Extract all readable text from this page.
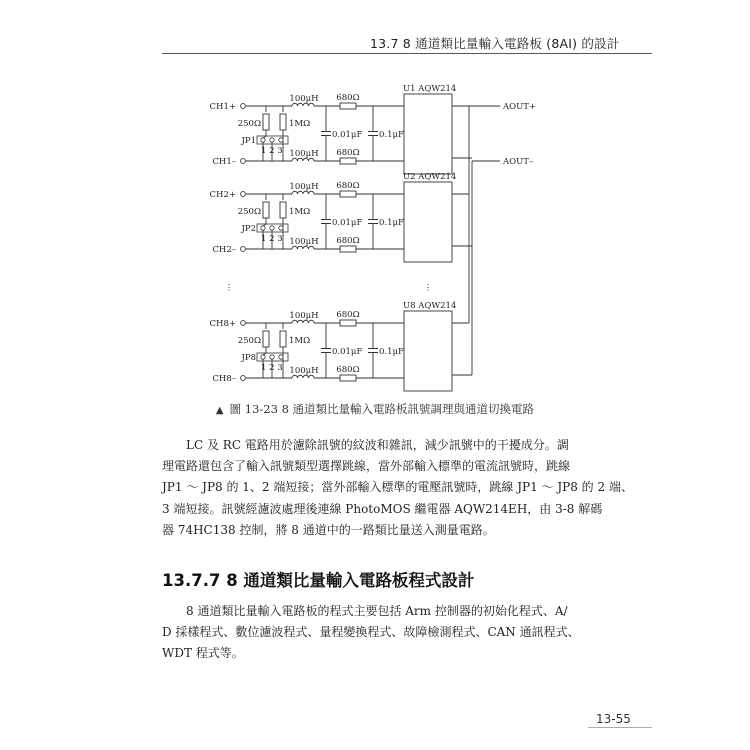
13.7 8 通道類比量輸入電路板 (8AI) 的設計
CH1+
CH1–
100μH 680Ω
100μH 680Ω
250Ω	1MΩ
JP1
1 2 3
0.01μF 0.1μF
U1 AQW214
CH2+
CH2–
100μH 680Ω
100μH 680Ω
250Ω	1MΩ
JP2
1 2 3
0.01μF 0.1μF
U2 AQW214
CH8+
CH8–
100μH 680Ω
100μH 680Ω
250Ω	1MΩ
JP8
1 2 3
0.01μF 0.1μF
U8 AQW214
AOUT+
AOUT–
⋮	⋮
▲ 圖 13-23 8 通道類比量輸入電路板訊號調理與通道切換電路
LC 及 RC 電路用於濾除訊號的紋波和雜訊，減少訊號中的干擾成分。調
理電路還包含了輸入訊號類型選擇跳線，當外部輸入標準的電流訊號時，跳線
JP1 ～ JP8 的 1、2 端短接；當外部輸入標準的電壓訊號時，跳線 JP1 ～ JP8 的 2 端、
3 端短接。訊號經濾波處理後連線 PhotoMOS 繼電器 AQW214EH，由 3-8 解碼
器 74HC138 控制，將 8 通道中的一路類比量送入測量電路。
13.7.7 8 通道類比量輸入電路板程式設計
8 通道類比量輸入電路板的程式主要包括 Arm 控制器的初始化程式、A/
D 採樣程式、數位濾波程式、量程變換程式、故障檢測程式、CAN 通訊程式、
WDT 程式等。
13-55
